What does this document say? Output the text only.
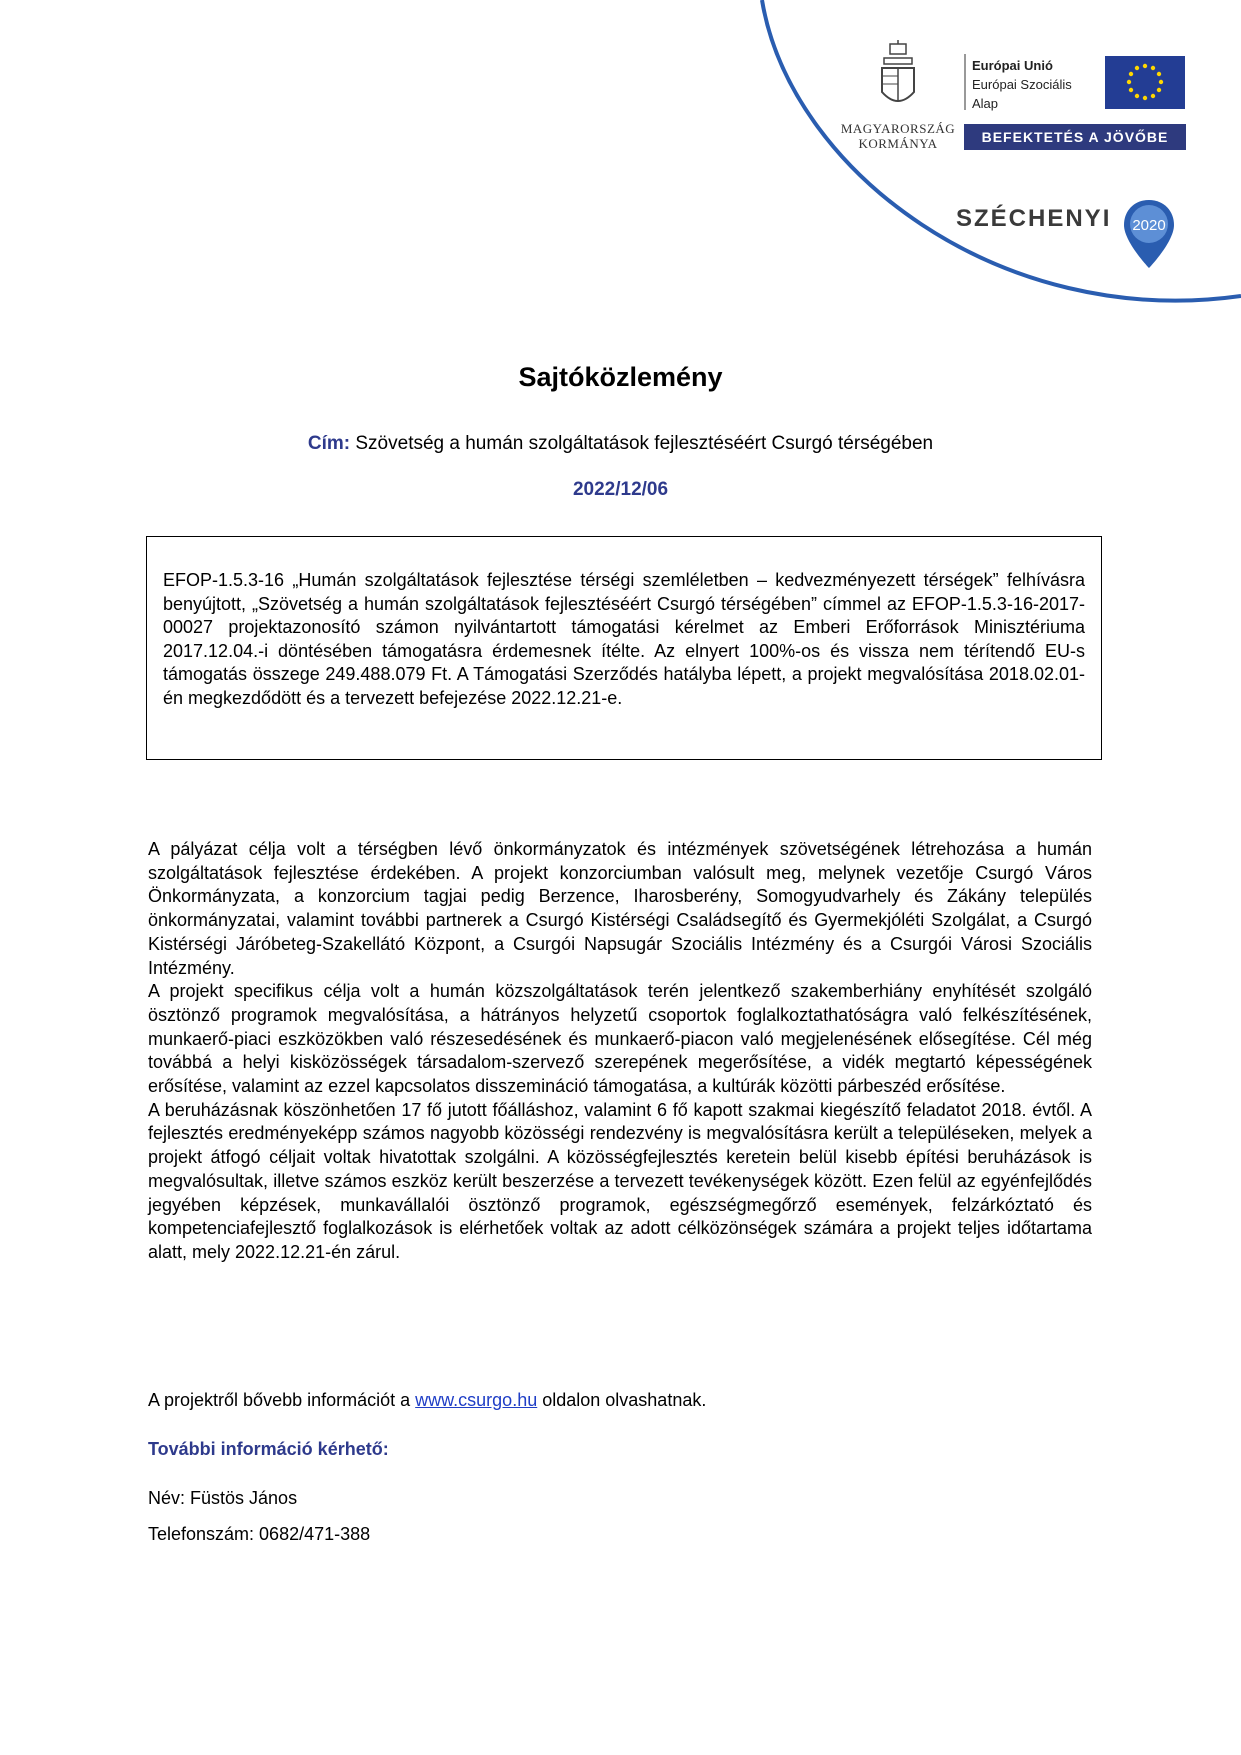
MAGYARORSZÁG
KORMÁNYA
Európai Unió
Európai Szociális
Alap
BEFEKTETÉS A JÖVŐBE
SZÉCHENYI 2020
Sajtóközlemény
Cím: Szövetség a humán szolgáltatások fejlesztéséért Csurgó térségében
2022/12/06

EFOP-1.5.3-16 „Humán szolgáltatások fejlesztése térségi szemléletben – kedvezményezett térségek” felhívásra benyújtott, „Szövetség a humán szolgáltatások fejlesztéséért Csurgó térségében” címmel az EFOP-1.5.3-16-2017-00027 projektazonosító számon nyilvántartott támogatási kérelmet az Emberi Erőforrások Minisztériuma 2017.12.04.-i döntésében támogatásra érdemesnek ítélte. Az elnyert 100%-os és vissza nem térítendő EU-s támogatás összege 249.488.079 Ft. A Támogatási Szerződés hatályba lépett, a projekt megvalósítása 2018.02.01-én megkezdődött és a tervezett befejezése 2022.12.21-e.

A pályázat célja volt a térségben lévő önkormányzatok és intézmények szövetségének létrehozása a humán szolgáltatások fejlesztése érdekében. A projekt konzorciumban valósult meg, melynek vezetője Csurgó Város Önkormányzata, a konzorcium tagjai pedig Berzence, Iharosberény, Somogyudvarhely és Zákány település önkormányzatai, valamint további partnerek a Csurgó Kistérségi Családsegítő és Gyermekjóléti Szolgálat, a Csurgó Kistérségi Járóbeteg-Szakellátó Központ, a Csurgói Napsugár Szociális Intézmény és a Csurgói Városi Szociális Intézmény.

A projekt specifikus célja volt a humán közszolgáltatások terén jelentkező szakemberhiány enyhítését szolgáló ösztönző programok megvalósítása, a hátrányos helyzetű csoportok foglalkoztathatóságra való felkészítésének, munkaerő-piaci eszközökben való részesedésének és munkaerő-piacon való megjelenésének elősegítése. Cél még továbbá a helyi kisközösségek társadalom-szervező szerepének megerősítése, a vidék megtartó képességének erősítése, valamint az ezzel kapcsolatos disszemináció támogatása, a kultúrák közötti párbeszéd erősítése.

A beruházásnak köszönhetően 17 fő jutott főálláshoz, valamint 6 fő kapott szakmai kiegészítő feladatot 2018. évtől. A fejlesztés eredményeképp számos nagyobb közösségi rendezvény is megvalósításra került a településeken, melyek a projekt átfogó céljait voltak hivatottak szolgálni. A közösségfejlesztés keretein belül kisebb építési beruházások is megvalósultak, illetve számos eszköz került beszerzése a tervezett tevékenységek között. Ezen felül az egyénfejlődés jegyében képzések, munkavállalói ösztönző programok, egészségmegőrző események, felzárkóztató és kompetenciafejlesztő foglalkozások is elérhetőek voltak az adott célközönségek számára a projekt teljes időtartama alatt, mely 2022.12.21-én zárul.

A projektről bővebb információt a www.csurgo.hu oldalon olvashatnak.
További információ kérhető:
Név: Füstös János
Telefonszám: 0682/471-388
